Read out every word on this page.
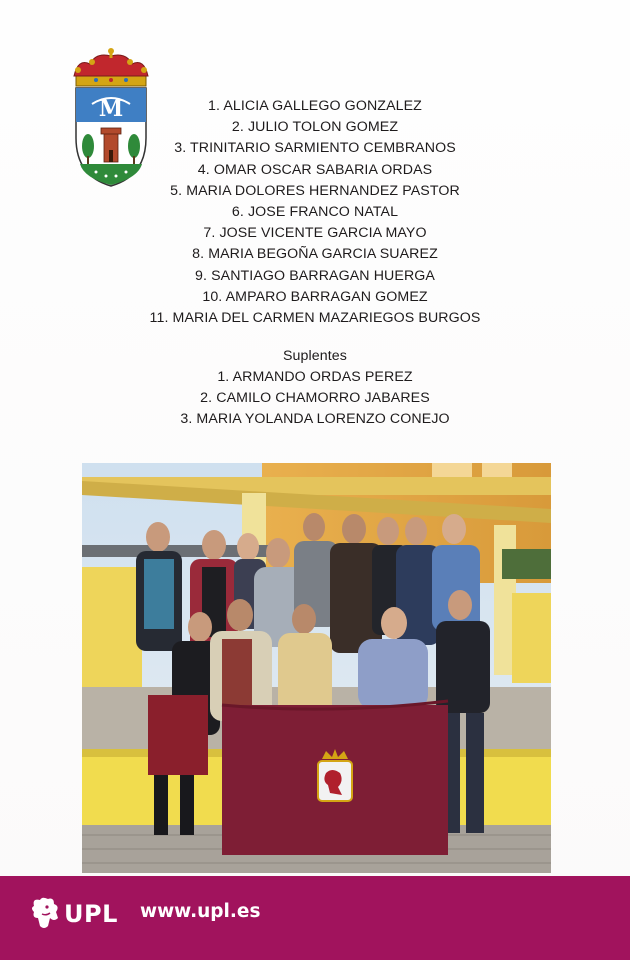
M	1. ALICIA GALLEGO GONZALEZ
2. JULIO TOLON GOMEZ
3. TRINITARIO SARMIENTO CEMBRANOS
4. OMAR OSCAR SABARIA ORDAS
5. MARIA DOLORES HERNANDEZ PASTOR
6. JOSE FRANCO NATAL
7. JOSE VICENTE GARCIA MAYO
8. MARIA BEGOÑA GARCIA SUAREZ
9. SANTIAGO BARRAGAN HUERGA
10. AMPARO BARRAGAN GOMEZ
11. MARIA DEL CARMEN MAZARIEGOS BURGOS
Suplentes
1. ARMANDO ORDAS PEREZ
2. CAMILO CHAMORRO JABARES
3. MARIA YOLANDA LORENZO CONEJO
UPL www.upl.es
